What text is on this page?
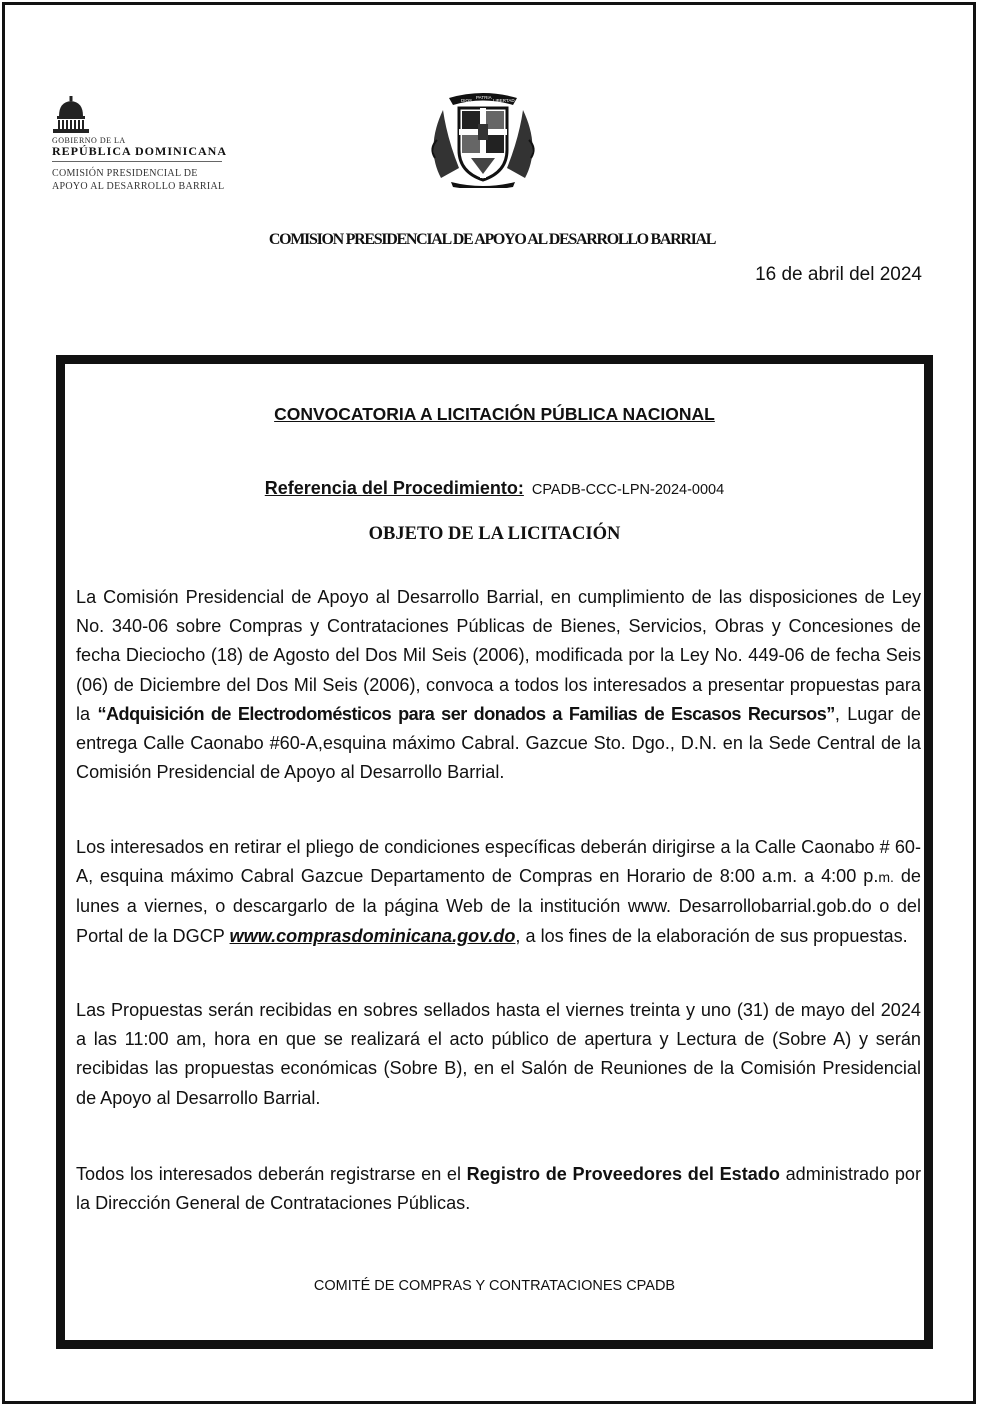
GOBIERNO DE LA
REPÚBLICA DOMINICANA
COMISIÓN PRESIDENCIAL DE
APOYO AL DESARROLLO BARRIAL
DIOS
PATRIA
LIBERTAD
COMISION PRESIDENCIAL DE APOYO AL DESARROLLO BARRIAL
16 de abril del 2024
CONVOCATORIA A LICITACIÓN PÚBLICA NACIONAL
Referencia del Procedimiento: CPADB-CCC-LPN-2024-0004
OBJETO DE LA LICITACIÓN

La Comisión Presidencial de Apoyo al Desarrollo Barrial, en cumplimiento de las disposiciones de Ley No. 340-06 sobre Compras y Contrataciones Públicas de Bienes, Servicios, Obras y Concesiones de fecha Dieciocho (18) de Agosto del Dos Mil Seis (2006), modificada por la Ley No. 449-06 de fecha Seis (06) de Diciembre del Dos Mil Seis (2006), convoca a todos los interesados a presentar propuestas para la “Adquisición de Electrodomésticos para ser donados a Familias de Escasos Recursos”, Lugar de entrega Calle Caonabo #60-A,esquina máximo Cabral. Gazcue Sto. Dgo., D.N. en la Sede Central de la Comisión Presidencial de Apoyo al Desarrollo Barrial.

Los interesados en retirar el pliego de condiciones específicas deberán dirigirse a la Calle Caonabo # 60-A, esquina máximo Cabral Gazcue Departamento de Compras en Horario de 8:00 a.m. a 4:00 p.m. de lunes a viernes, o descargarlo de la página Web de la institución www. Desarrollobarrial.gob.do o del Portal de la DGCP www.comprasdominicana.gov.do, a los fines de la elaboración de sus propuestas.

Las Propuestas serán recibidas en sobres sellados hasta el viernes treinta y uno (31) de mayo del 2024 a las 11:00 am, hora en que se realizará el acto público de apertura y Lectura de (Sobre A) y serán recibidas las propuestas económicas (Sobre B), en el Salón de Reuniones de la Comisión Presidencial de Apoyo al Desarrollo Barrial.

Todos los interesados deberán registrarse en el Registro de Proveedores del Estado administrado por la Dirección General de Contrataciones Públicas.

COMITÉ DE COMPRAS Y CONTRATACIONES CPADB
